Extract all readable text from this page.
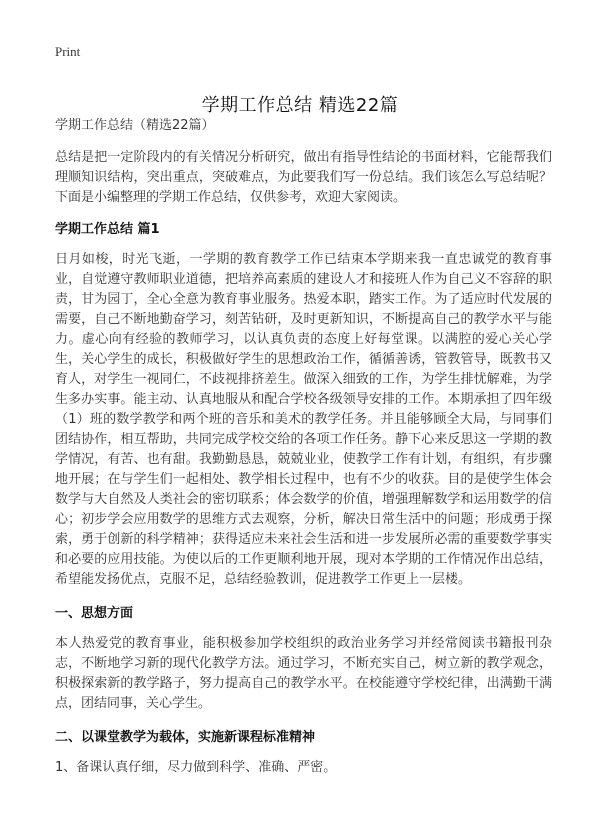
Print
学期工作总结 精选22篇

学期工作总结（精选22篇）

总结是把一定阶段内的有关情况分析研究，做出有指导性结论的书面材料，它能帮我们理顺知识结构，突出重点，突破难点，为此要我们写一份总结。我们该怎么写总结呢？下面是小编整理的学期工作总结，仅供参考，欢迎大家阅读。

学期工作总结 篇1

日月如梭，时光飞逝，一学期的教育教学工作已结束本学期来我一直忠诚党的教育事业，自觉遵守教师职业道德，把培养高素质的建设人才和接班人作为自己义不容辞的职责，甘为园丁，全心全意为教育事业服务。热爱本职，踏实工作。为了适应时代发展的需要，自己不断地勤奋学习，刻苦钻研，及时更新知识，不断提高自己的教学水平与能力。虚心向有经验的教师学习，以认真负责的态度上好每堂课。以满腔的爱心关心学生，关心学生的成长，积极做好学生的思想政治工作，循循善诱，管教管导，既教书又育人，对学生一视同仁，不歧视排挤差生。做深入细致的工作，为学生排忧解难，为学生多办实事。能主动、认真地服从和配合学校各级领导安排的工作。本期承担了四年级（1）班的数学教学和两个班的音乐和美术的教学任务。并且能够顾全大局，与同事们团结协作，相互帮助，共同完成学校交给的各项工作任务。静下心来反思这一学期的教学情况，有苦、也有甜。我勤勤恳恳，兢兢业业，使教学工作有计划，有组织，有步骤地开展；在与学生们一起相处、教学相长过程中，也有不少的收获。目的是使学生体会数学与大自然及人类社会的密切联系；体会数学的价值，增强理解数学和运用数学的信心；初步学会应用数学的思维方式去观察，分析，解决日常生活中的问题；形成勇于探索，勇于创新的科学精神；获得适应未来社会生活和进一步发展所必需的重要数学事实和必要的应用技能。为使以后的工作更顺利地开展，现对本学期的工作情况作出总结，希望能发扬优点，克服不足，总结经验教训，促进教学工作更上一层楼。

一、思想方面

本人热爱党的教育事业，能积极参加学校组织的政治业务学习并经常阅读书籍报刊杂志，不断地学习新的现代化教学方法。通过学习，不断充实自己，树立新的教学观念，积极探索新的教学路子，努力提高自己的教学水平。在校能遵守学校纪律，出满勤干满点，团结同事，关心学生。

二、以课堂教学为载体，实施新课程标准精神

1、备课认真仔细，尽力做到科学、准确、严密。
